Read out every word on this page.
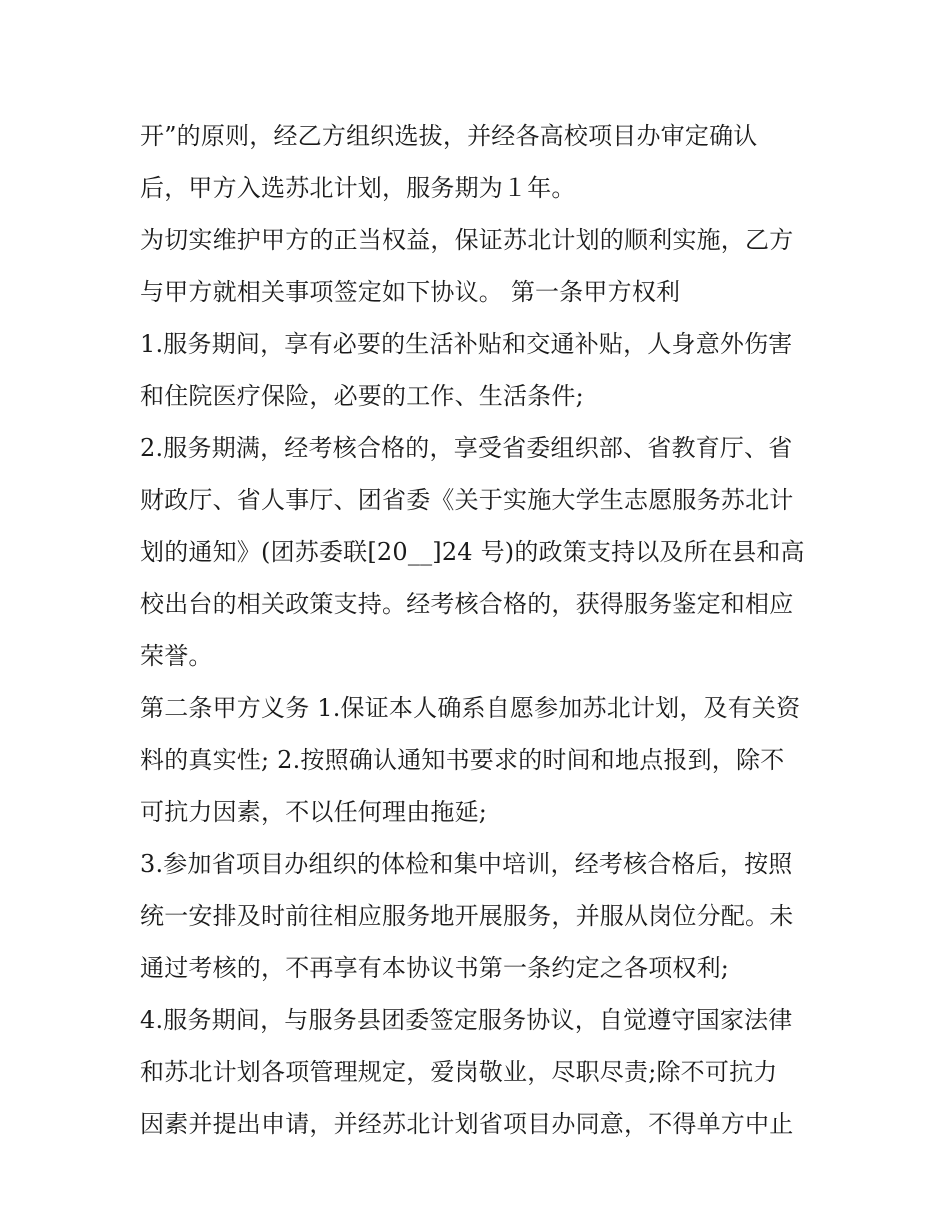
开”的原则，经乙方组织选拔，并经各高校项目办审定确认
后，甲方入选苏北计划，服务期为１年。
为切实维护甲方的正当权益，保证苏北计划的顺利实施，乙方
与甲方就相关事项签定如下协议。 第一条甲方权利
1.服务期间，享有必要的生活补贴和交通补贴，人身意外伤害
和住院医疗保险，必要的工作、生活条件;
2.服务期满，经考核合格的，享受省委组织部、省教育厅、省
财政厅、省人事厅、团省委《关于实施大学生志愿服务苏北计
划的通知》(团苏委联[20__]24 号)的政策支持以及所在县和高
校出台的相关政策支持。经考核合格的，获得服务鉴定和相应
荣誉。
第二条甲方义务 1.保证本人确系自愿参加苏北计划，及有关资
料的真实性; 2.按照确认通知书要求的时间和地点报到，除不
可抗力因素，不以任何理由拖延;
3.参加省项目办组织的体检和集中培训，经考核合格后，按照
统一安排及时前往相应服务地开展服务，并服从岗位分配。未
通过考核的，不再享有本协议书第一条约定之各项权利;
4.服务期间，与服务县团委签定服务协议，自觉遵守国家法律
和苏北计划各项管理规定，爱岗敬业，尽职尽责;除不可抗力
因素并提出申请，并经苏北计划省项目办同意，不得单方中止
